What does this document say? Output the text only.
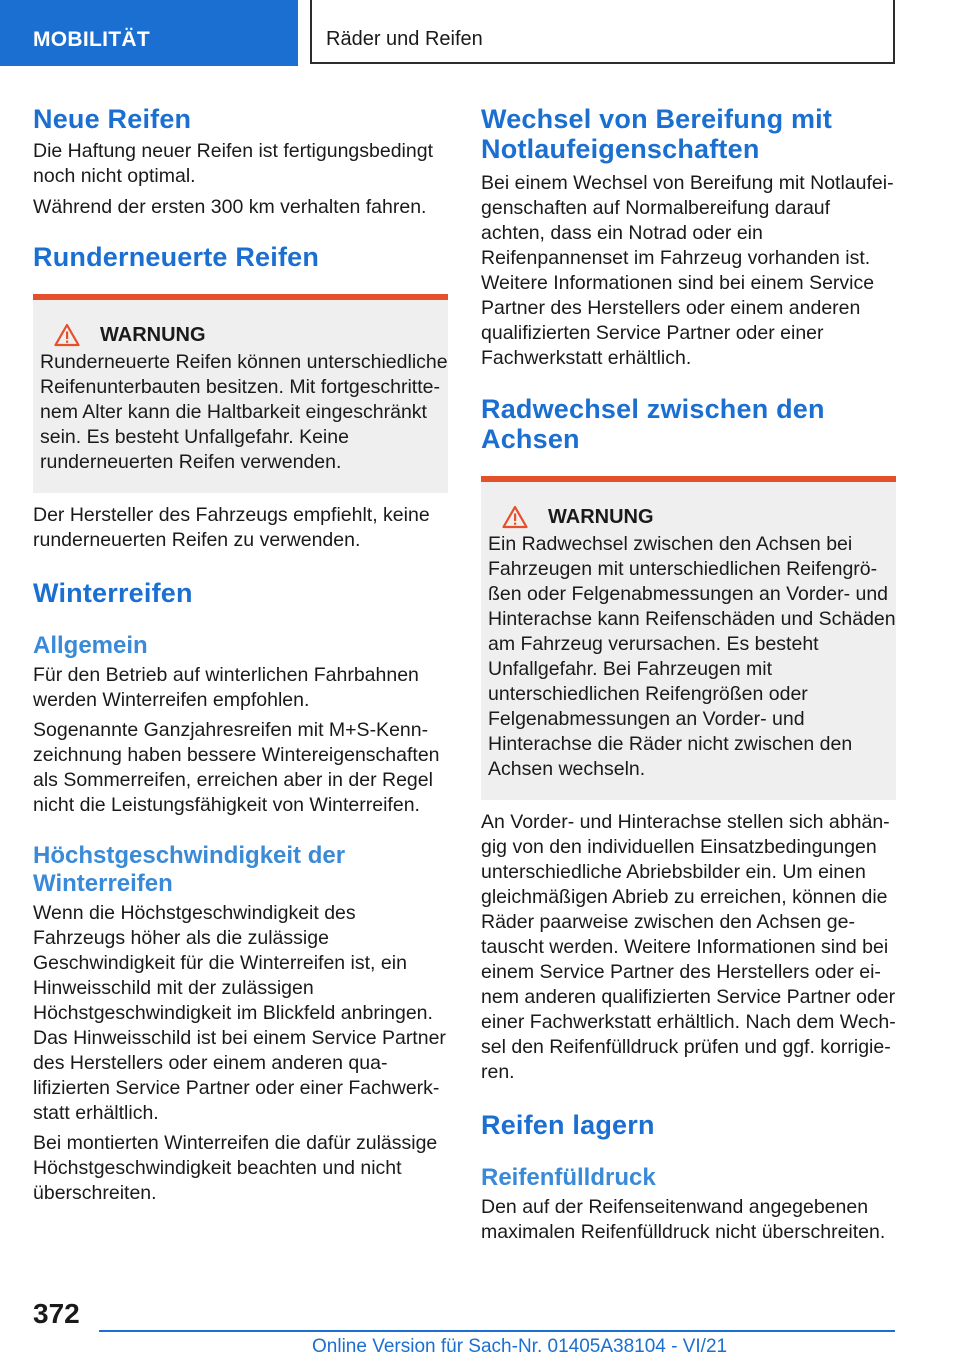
MOBILITÄT	Räder und Reifen
Neue Reifen

Die Haftung neuer Reifen ist fertigungsbedingt noch nicht optimal.

Während der ersten 300 km verhalten fahren.

Runderneuerte Reifen
WARNUNG

Runderneuerte Reifen können unterschiedliche Reifenunterbauten besitzen. Mit fortgeschrittenem Alter kann die Haltbarkeit eingeschränkt sein. Es besteht Unfallgefahr. Keine runderneuerten Reifen verwenden.

Der Hersteller des Fahrzeugs empfiehlt, keine runderneuerten Reifen zu verwenden.

Winterreifen
Allgemein

Für den Betrieb auf winterlichen Fahrbahnen werden Winterreifen empfohlen.

Sogenannte Ganzjahresreifen mit M+S-Kennzeichnung haben bessere Wintereigenschaften als Sommerreifen, erreichen aber in der Regel nicht die Leistungsfähigkeit von Winterreifen.

Höchstgeschwindigkeit der Winterreifen

Wenn die Höchstgeschwindigkeit des Fahrzeugs höher als die zulässige Geschwindigkeit für die Winterreifen ist, ein Hinweisschild mit der zulässigen Höchstgeschwindigkeit im Blickfeld anbringen. Das Hinweisschild ist bei einem Service Partner des Herstellers oder einem anderen qualifizierten Service Partner oder einer Fachwerkstatt erhältlich.

Bei montierten Winterreifen die dafür zulässige Höchstgeschwindigkeit beachten und nicht überschreiten.

Wechsel von Bereifung mit Notlaufeigenschaften

Bei einem Wechsel von Bereifung mit Notlaufeigenschaften auf Normalbereifung darauf achten, dass ein Notrad oder ein Reifenpannenset im Fahrzeug vorhanden ist. Weitere Informationen sind bei einem Service Partner des Herstellers oder einem anderen qualifizierten Service Partner oder einer Fachwerkstatt erhältlich.

Radwechsel zwischen den Achsen
WARNUNG

Ein Radwechsel zwischen den Achsen bei Fahrzeugen mit unterschiedlichen Reifengrößen oder Felgenabmessungen an Vorder- und Hinterachse kann Reifenschäden und Schäden am Fahrzeug verursachen. Es besteht Unfallgefahr. Bei Fahrzeugen mit unterschiedlichen Reifengrößen oder Felgenabmessungen an Vorder- und Hinterachse die Räder nicht zwischen den Achsen wechseln.

An Vorder- und Hinterachse stellen sich abhängig von den individuellen Einsatzbedingungen unterschiedliche Abriebsbilder ein. Um einen gleichmäßigen Abrieb zu erreichen, können die Räder paarweise zwischen den Achsen getauscht werden. Weitere Informationen sind bei einem Service Partner des Herstellers oder einem anderen qualifizierten Service Partner oder einer Fachwerkstatt erhältlich. Nach dem Wechsel den Reifenfülldruck prüfen und ggf. korrigieren.

Reifen lagern
Reifenfülldruck

Den auf der Reifenseitenwand angegebenen maximalen Reifenfülldruck nicht überschreiten.

372
Online Version für Sach-Nr. 01405A38104 - VI/21
